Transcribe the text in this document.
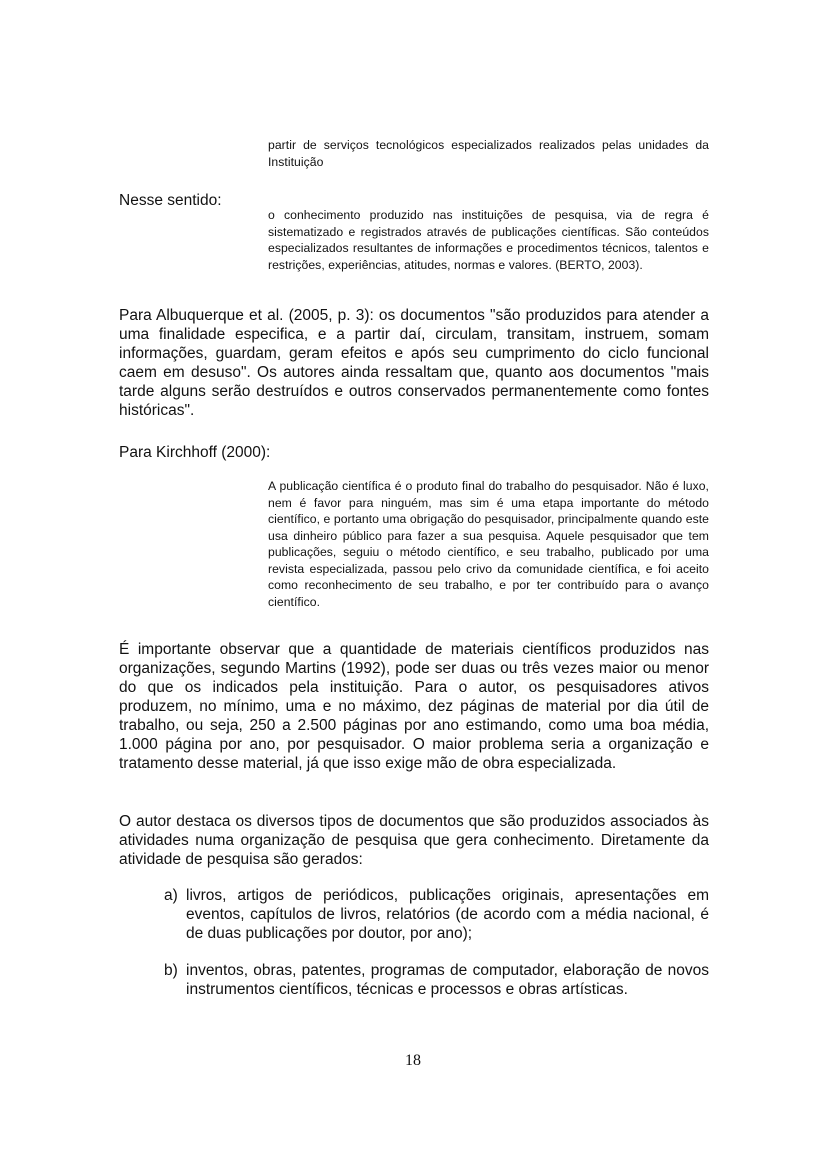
partir de serviços tecnológicos especializados realizados pelas unidades da Instituição
Nesse sentido:
o conhecimento produzido nas instituições de pesquisa, via de regra é sistematizado e registrados através de publicações científicas. São conteúdos especializados resultantes de informações e procedimentos técnicos, talentos e restrições, experiências, atitudes, normas e valores. (BERTO, 2003).
Para Albuquerque et al. (2005, p. 3): os documentos "são produzidos para atender a uma finalidade especifica, e a partir daí, circulam, transitam, instruem, somam informações, guardam, geram efeitos e após seu cumprimento do ciclo funcional caem em desuso". Os autores ainda ressaltam que, quanto aos documentos "mais tarde alguns serão destruídos e outros conservados permanentemente como fontes históricas".
Para Kirchhoff (2000):
A publicação científica é o produto final do trabalho do pesquisador. Não é luxo, nem é favor para ninguém, mas sim é uma etapa importante do método científico, e portanto uma obrigação do pesquisador, principalmente quando este usa dinheiro público para fazer a sua pesquisa. Aquele pesquisador que tem publicações, seguiu o método científico, e seu trabalho, publicado por uma revista especializada, passou pelo crivo da comunidade científica, e foi aceito como reconhecimento de seu trabalho, e por ter contribuído para o avanço científico.
É importante observar que a quantidade de materiais científicos produzidos nas organizações, segundo Martins (1992), pode ser duas ou três vezes maior ou menor do que os indicados pela instituição. Para o autor, os pesquisadores ativos produzem, no mínimo, uma e no máximo, dez páginas de material por dia útil de trabalho, ou seja, 250 a 2.500 páginas por ano estimando, como uma boa média, 1.000 página por ano, por pesquisador. O maior problema seria a organização e tratamento desse material, já que isso exige mão de obra especializada.
O autor destaca os diversos tipos de documentos que são produzidos associados às atividades numa organização de pesquisa que gera conhecimento. Diretamente da atividade de pesquisa são gerados:
a) livros, artigos de periódicos, publicações originais, apresentações em eventos, capítulos de livros, relatórios (de acordo com a média nacional, é de duas publicações por doutor, por ano);
b) inventos, obras, patentes, programas de computador, elaboração de novos instrumentos científicos, técnicas e processos e obras artísticas.
18
